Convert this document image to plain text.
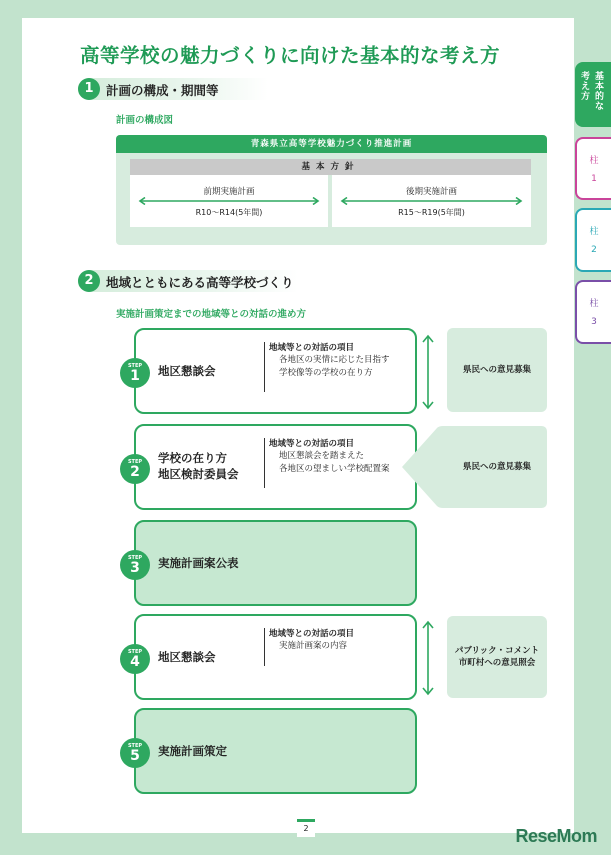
高等学校の魅力づくりに向けた基本的な考え方
1 計画の構成・期間等
計画の構成図
青森県立高等学校魅力づくり推進計画
基本方針
前期実施計画
R10～R14(5年間)
後期実施計画
R15～R19(5年間)
2 地域とともにある高等学校づくり
実施計画策定までの地域等との対話の進め方
STEP
1	地区懇談会
地域等との対話の項目
各地区の実情に応じた目指す
学校像等の学校の在り方
STEP
2
学校の在り方
地区検討委員会
地域等との対話の項目
地区懇談会を踏まえた
各地区の望ましい学校配置案
STEP
3	実施計画案公表
STEP
4	地区懇談会
地域等との対話の項目
実施計画案の内容
STEP
5	実施計画策定
県民への意見募集
県民への意見募集
パブリック・コメント
市町村への意見照会
考え方
基本的な
柱
1
柱
2
柱
3
2	ReseMom
